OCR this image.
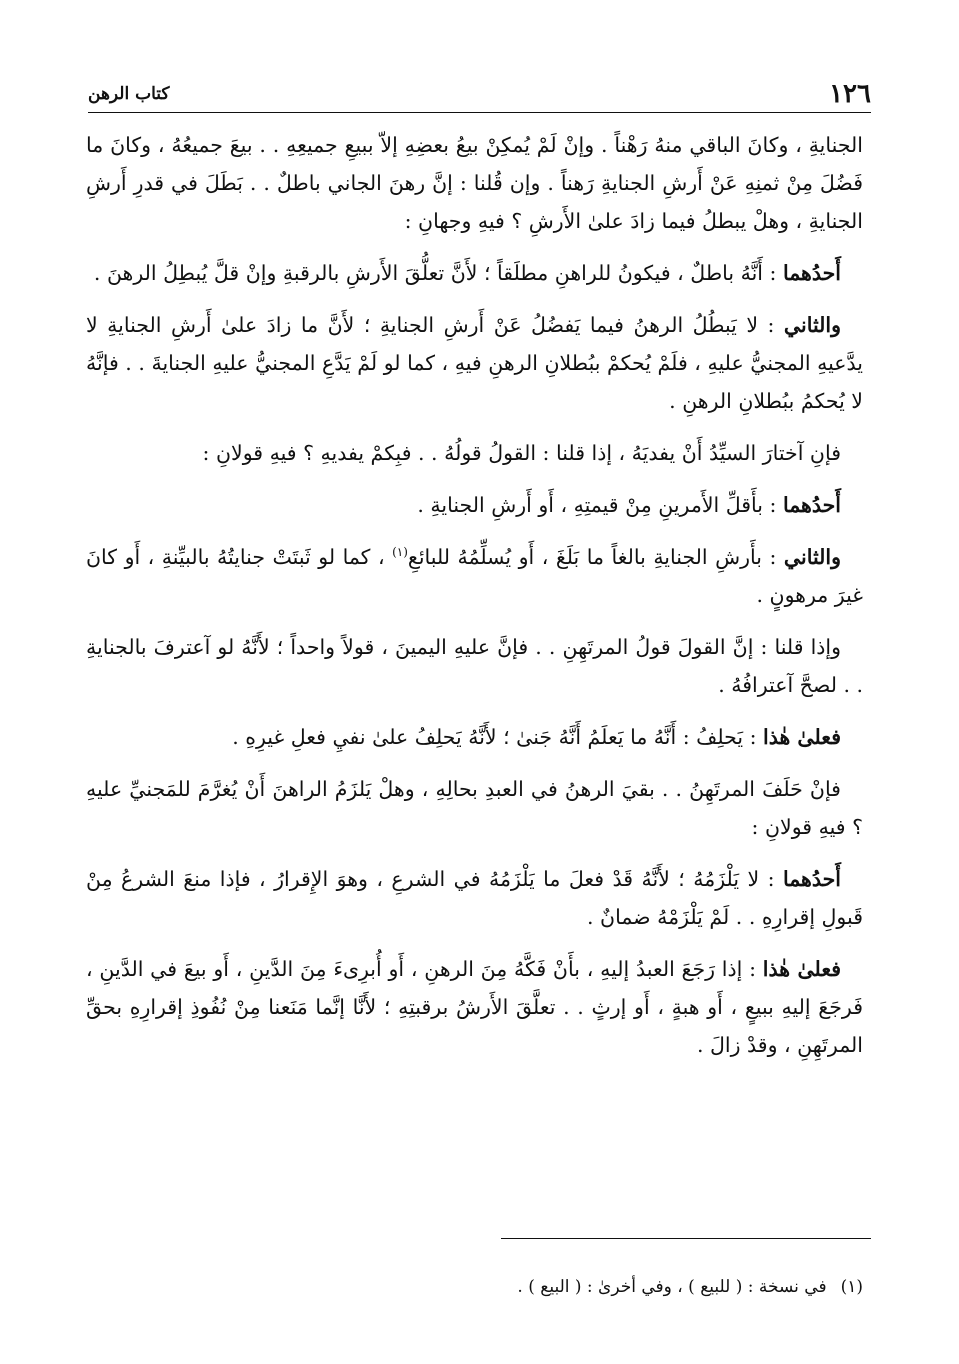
١٢٦
كتاب الرهن

الجنايةِ ، وكانَ الباقي منهُ رَهْناً . وإنْ لَمْ يُمكِنْ بيعُ بعضِهِ إلاّ ببيعِ جميعِهِ . . بيعَ جميعُهُ ، وكانَ ما فَضُلَ مِنْ ثمنِهِ عَنْ أَرشِ الجنايةِ رَهناً . وإن قُلنا : إنَّ رهنَ الجاني باطلٌ . . بَطَلَ في قدرِ أَرشِ الجنايةِ ، وهلْ يبطلُ فيما زادَ علىٰ الأَرشِ ؟ فيهِ وجهانِ :

أَحدُهما : أَنَّهُ باطلٌ ، فيكونُ للراهنِ مطلَقاً ؛ لأَنَّ تعلُّقَ الأَرشِ بالرقبةِ وإنْ قلَّ يُبطِلُ الرهنَ .

والثاني : لا يَبطُلُ الرهنُ فيما يَفضُلُ عَنْ أَرشِ الجنايةِ ؛ لأَنَّ ما زادَ علىٰ أَرشِ الجنايةِ لا يدَّعيهِ المجنيُّ عليهِ ، فلَمْ يُحكمْ ببُطلانِ الرهنِ فيهِ ، كما لو لَمْ يَدَّعِ المجنيُّ عليهِ الجنايةَ . . فإنَّهُ لا يُحكمُ ببُطلانِ الرهنِ .

فإنِ آختارَ السيِّدُ أَنْ يفديَهُ ، إذا قلنا : القولُ قولُهُ . . فبِكمْ يفديهِ ؟ فيهِ قولانِ :

أَحدُهما : بأَقلِّ الأَمرينِ مِنْ قيمتِهِ ، أَو أَرشِ الجنايةِ .

والثاني : بأَرشِ الجنايةِ بالغاً ما بَلَغَ ، أَو يُسلِّمُهُ للبائعِ$^{(١)}$ ، كما لو ثَبتَتْ جنايتُهُ بالبيِّنةِ ، أَو كانَ غيرَ مرهونٍ .

وإذا قلنا : إنَّ القولَ قولُ المرتَهِنِ . . فإنَّ عليهِ اليمينَ ، قولاً واحداً ؛ لأَنَّهُ لو آعترفَ بالجنايةِ . . لصحَّ آعترافُهُ .

فعلىٰ هٰذا : يَحلِفُ : أَنَّهُ ما يَعلَمُ أَنَّهُ جَنىٰ ؛ لأَنَّهُ يَحلِفُ علىٰ نفيِ فعلِ غيرِهِ .

فإنْ حَلَفَ المرتَهِنُ . . بقيَ الرهنُ في العبدِ بحالِهِ ، وهلْ يَلزَمُ الراهنَ أَنْ يُغرَّمَ للمَجنيِّ عليهِ ؟ فيهِ قولانِ :

أَحدُهما : لا يَلْزَمُهُ ؛ لأَنَّهُ قَدْ فعلَ ما يَلْزَمُهُ في الشرعِ ، وهوَ الإِقرارُ ، فإذا منعَ الشرعُ مِنْ قَبولِ إقرارِهِ . . لَمْ يَلْزَمْهُ ضمانٌ .

فعلىٰ هٰذا : إذا رَجَعَ العبدُ إليهِ ، بأَنْ فَكَّهُ مِنَ الرهنِ ، أَو أُبرِىءَ مِنَ الدَّينِ ، أَو بيعَ في الدَّينِ ، فَرجَعَ إليهِ ببيعٍ ، أَو هبةٍ ، أَو إرثٍ . . تعلَّقَ الأَرشُ برقبتِهِ ؛ لأَنَّا إنَّما مَنَعنا مِنْ نُفُوذِ إقرارِهِ بحقِّ المرتَهِنِ ، وقدْ زالَ .

(١)في نسخة : ( للبيع ) ، وفي أخرىٰ : ( البيع ) .
